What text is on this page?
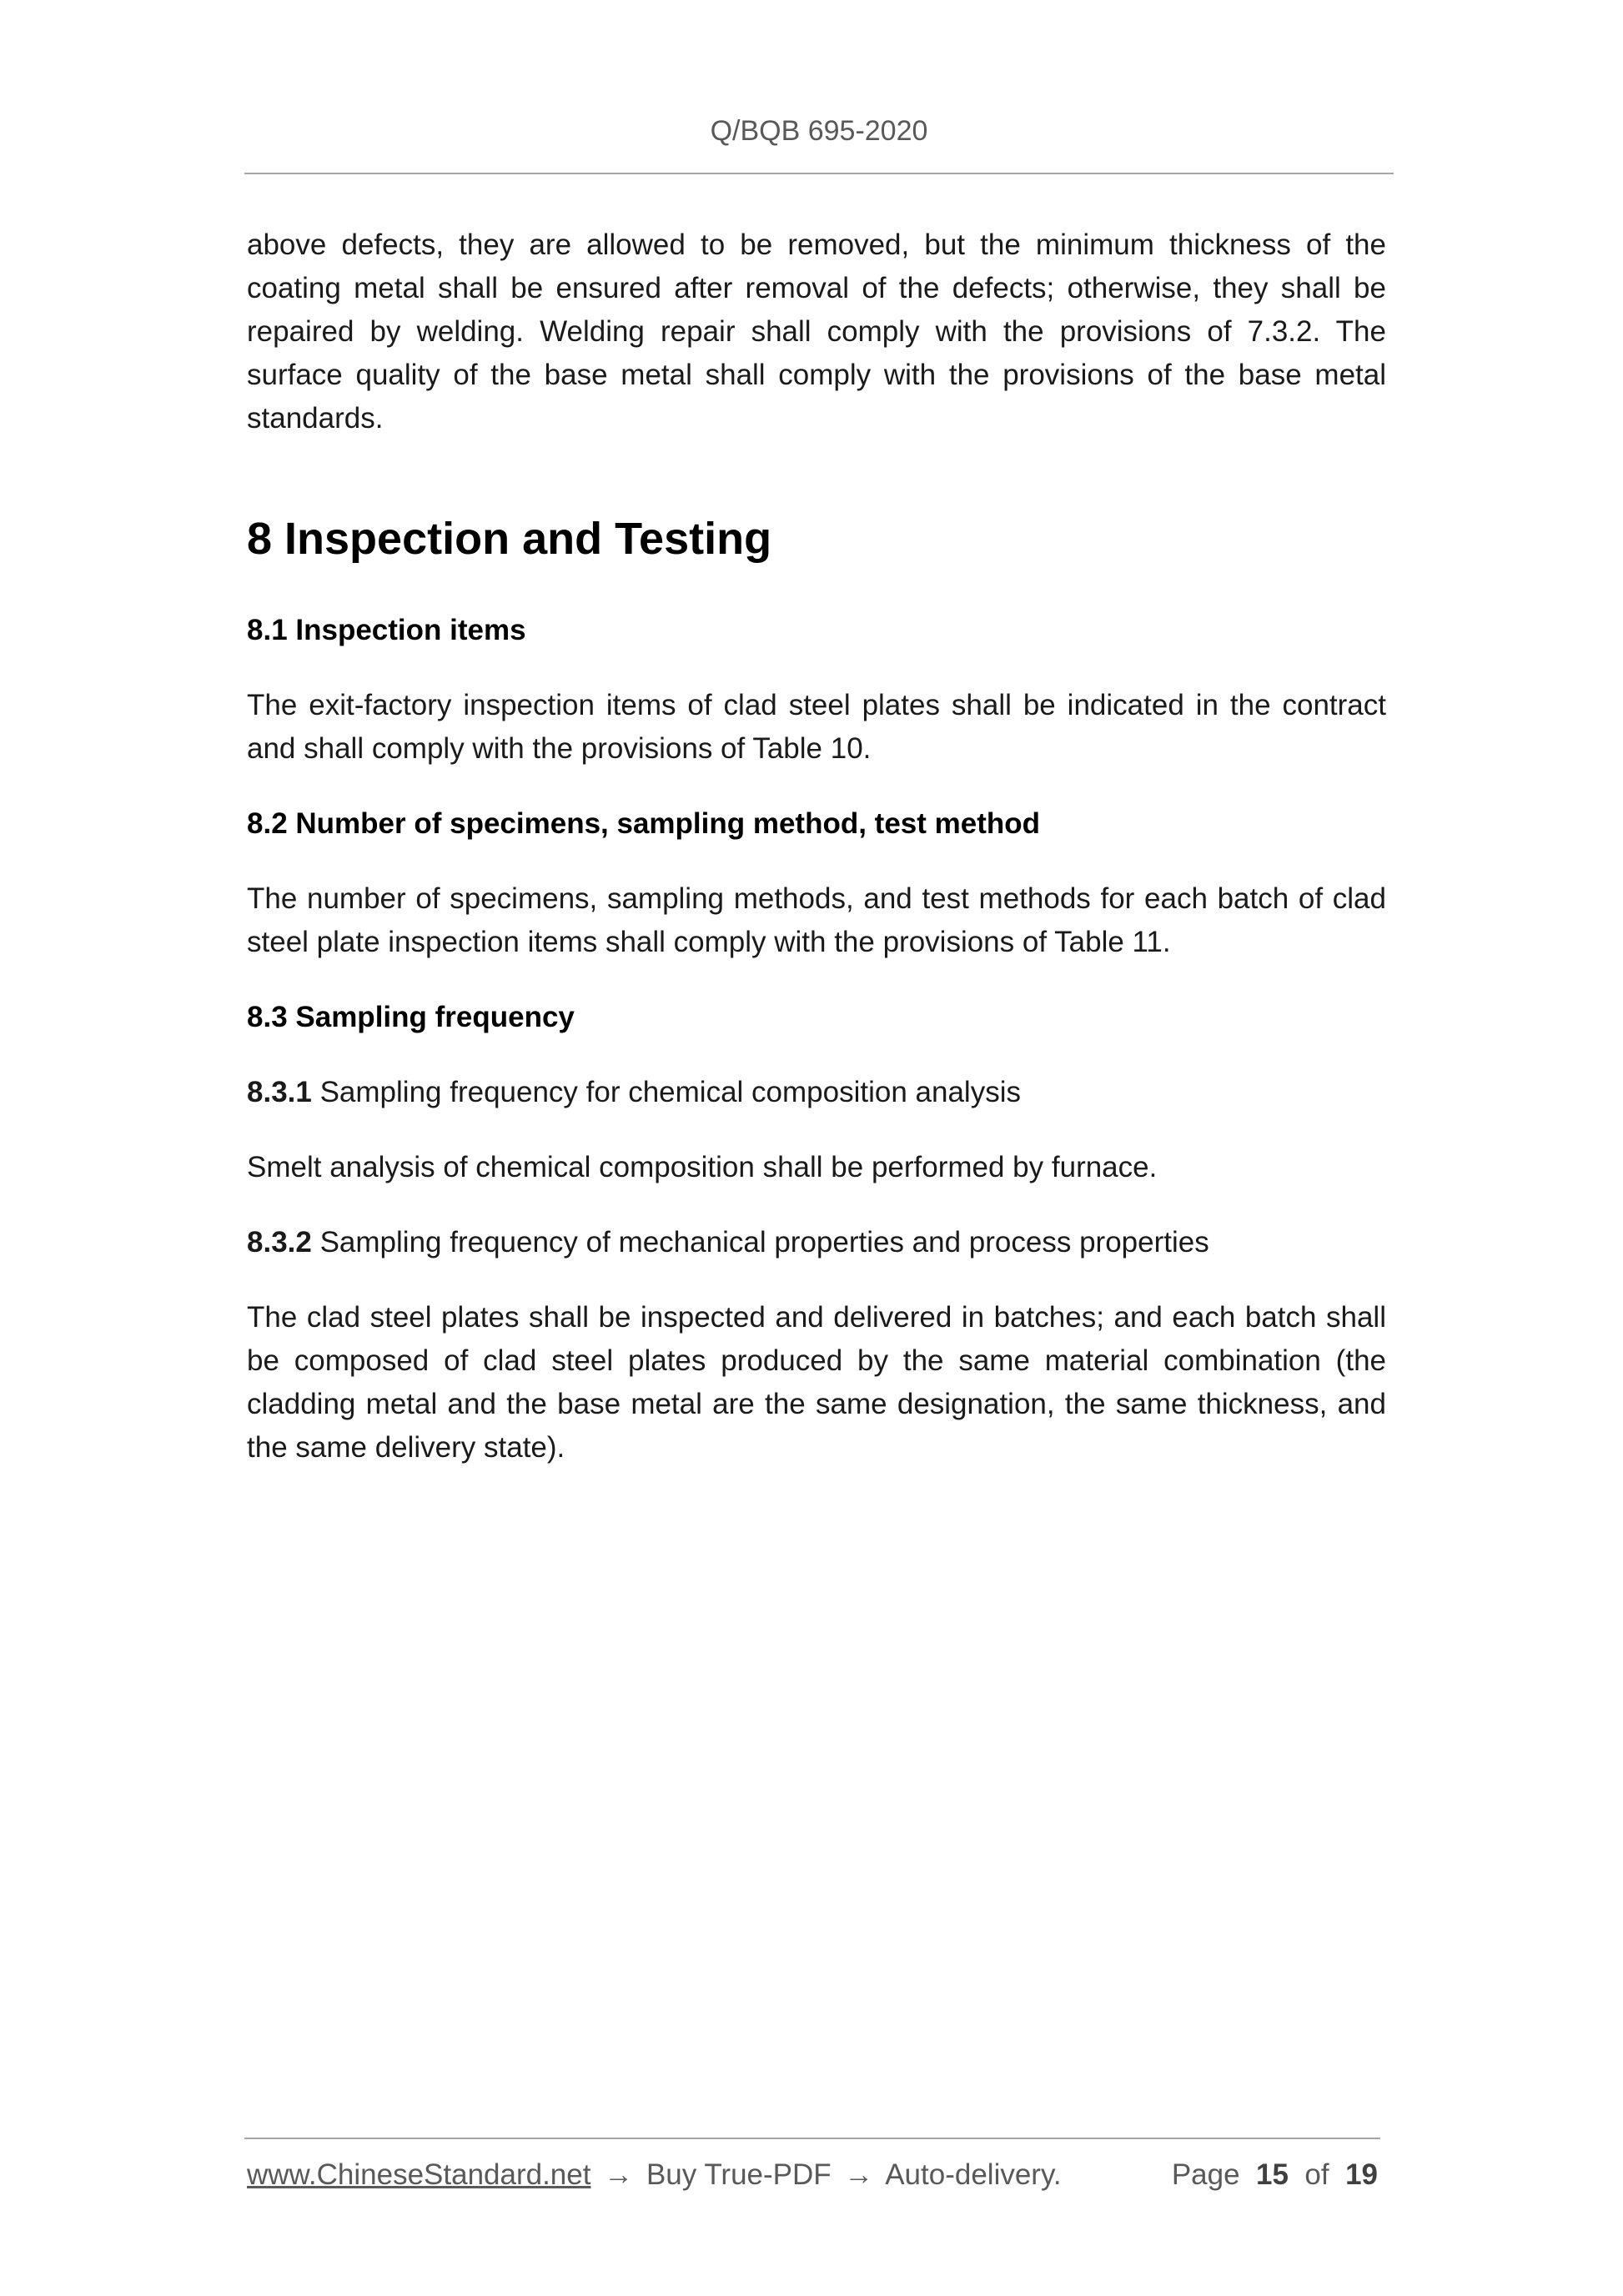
Q/BQB 695-2020

above defects, they are allowed to be removed, but the minimum thickness of the coating metal shall be ensured after removal of the defects; otherwise, they shall be repaired by welding. Welding repair shall comply with the provisions of 7.3.2. The surface quality of the base metal shall comply with the provisions of the base metal standards.

8 Inspection and Testing
8.1 Inspection items

The exit-factory inspection items of clad steel plates shall be indicated in the contract and shall comply with the provisions of Table 10.

8.2 Number of specimens, sampling method, test method

The number of specimens, sampling methods, and test methods for each batch of clad steel plate inspection items shall comply with the provisions of Table 11.

8.3 Sampling frequency

8.3.1 Sampling frequency for chemical composition analysis

Smelt analysis of chemical composition shall be performed by furnace.

8.3.2 Sampling frequency of mechanical properties and process properties

The clad steel plates shall be inspected and delivered in batches; and each batch shall be composed of clad steel plates produced by the same material combination (the cladding metal and the base metal are the same designation, the same thickness, and the same delivery state).

www.ChineseStandard.net → Buy True-PDF → Auto-delivery.	Page 15 of 19
